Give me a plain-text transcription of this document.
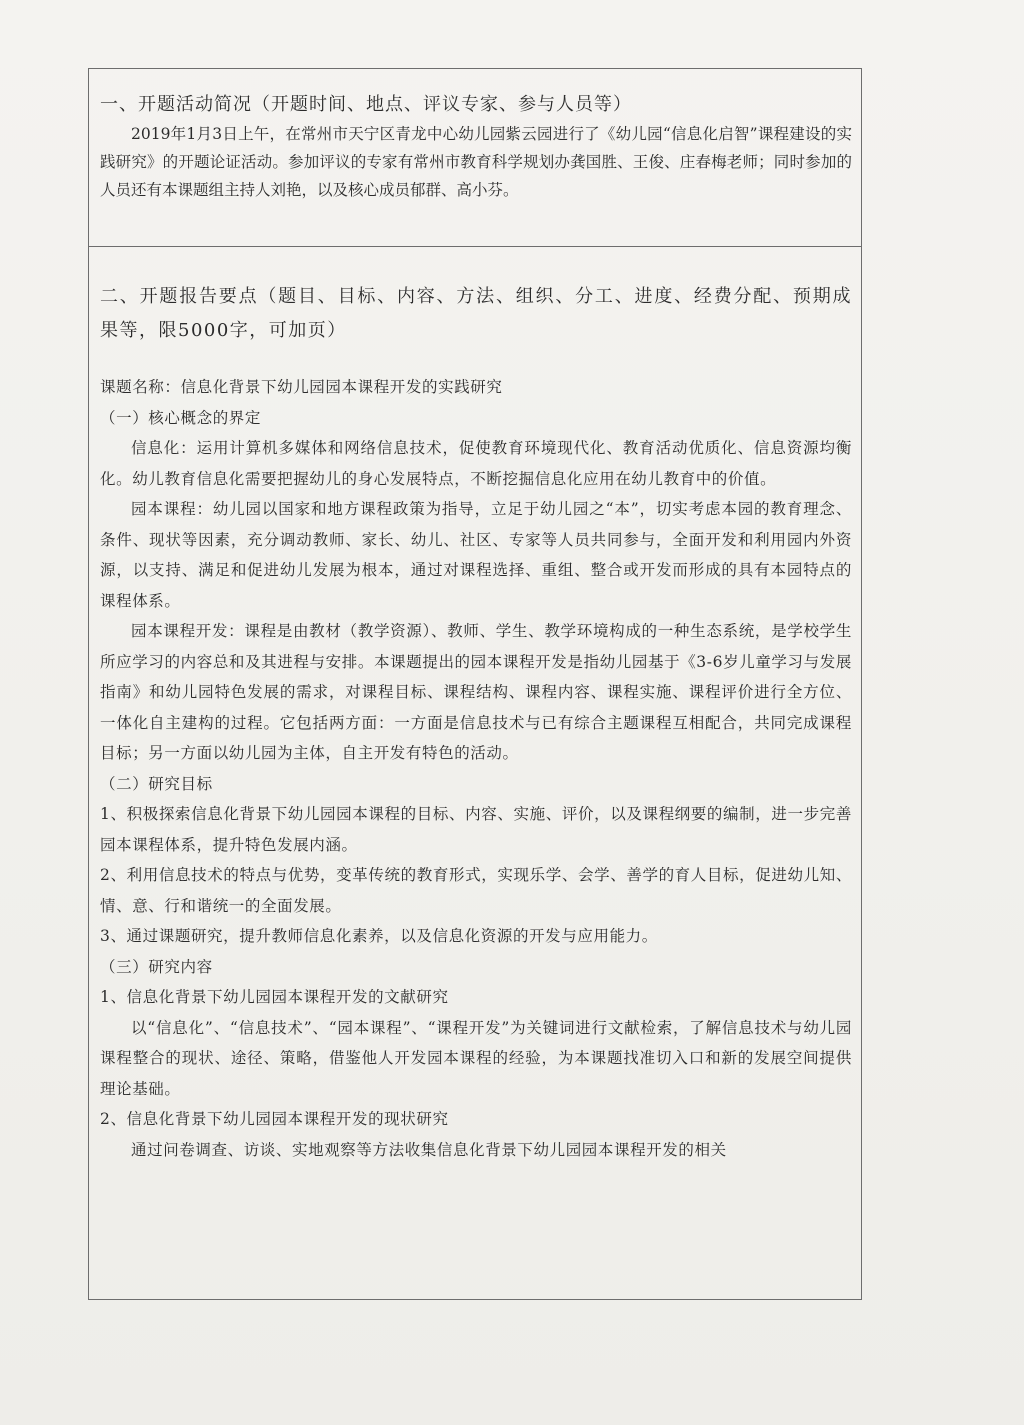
一、开题活动简况（开题时间、地点、评议专家、参与人员等）

2019年1月3日上午，在常州市天宁区青龙中心幼儿园紫云园进行了《幼儿园“信息化启智”课程建设的实践研究》的开题论证活动。参加评议的专家有常州市教育科学规划办龚国胜、王俊、庄春梅老师；同时参加的人员还有本课题组主持人刘艳，以及核心成员郁群、高小芬。

二、开题报告要点（题目、目标、内容、方法、组织、分工、进度、经费分配、预期成果等，限5000字，可加页）

课题名称：信息化背景下幼儿园园本课程开发的实践研究

（一）核心概念的界定

信息化：运用计算机多媒体和网络信息技术，促使教育环境现代化、教育活动优质化、信息资源均衡化。幼儿教育信息化需要把握幼儿的身心发展特点，不断挖掘信息化应用在幼儿教育中的价值。

园本课程：幼儿园以国家和地方课程政策为指导，立足于幼儿园之“本”，切实考虑本园的教育理念、条件、现状等因素，充分调动教师、家长、幼儿、社区、专家等人员共同参与，全面开发和利用园内外资源，以支持、满足和促进幼儿发展为根本，通过对课程选择、重组、整合或开发而形成的具有本园特点的课程体系。

园本课程开发：课程是由教材（教学资源）、教师、学生、教学环境构成的一种生态系统，是学校学生所应学习的内容总和及其进程与安排。本课题提出的园本课程开发是指幼儿园基于《3-6岁儿童学习与发展指南》和幼儿园特色发展的需求，对课程目标、课程结构、课程内容、课程实施、课程评价进行全方位、一体化自主建构的过程。它包括两方面：一方面是信息技术与已有综合主题课程互相配合，共同完成课程目标；另一方面以幼儿园为主体，自主开发有特色的活动。

（二）研究目标

1、积极探索信息化背景下幼儿园园本课程的目标、内容、实施、评价，以及课程纲要的编制，进一步完善园本课程体系，提升特色发展内涵。

2、利用信息技术的特点与优势，变革传统的教育形式，实现乐学、会学、善学的育人目标，促进幼儿知、情、意、行和谐统一的全面发展。

3、通过课题研究，提升教师信息化素养，以及信息化资源的开发与应用能力。

（三）研究内容

1、信息化背景下幼儿园园本课程开发的文献研究

以“信息化”、“信息技术”、“园本课程”、“课程开发”为关键词进行文献检索，了解信息技术与幼儿园课程整合的现状、途径、策略，借鉴他人开发园本课程的经验，为本课题找准切入口和新的发展空间提供理论基础。

2、信息化背景下幼儿园园本课程开发的现状研究

通过问卷调查、访谈、实地观察等方法收集信息化背景下幼儿园园本课程开发的相关
